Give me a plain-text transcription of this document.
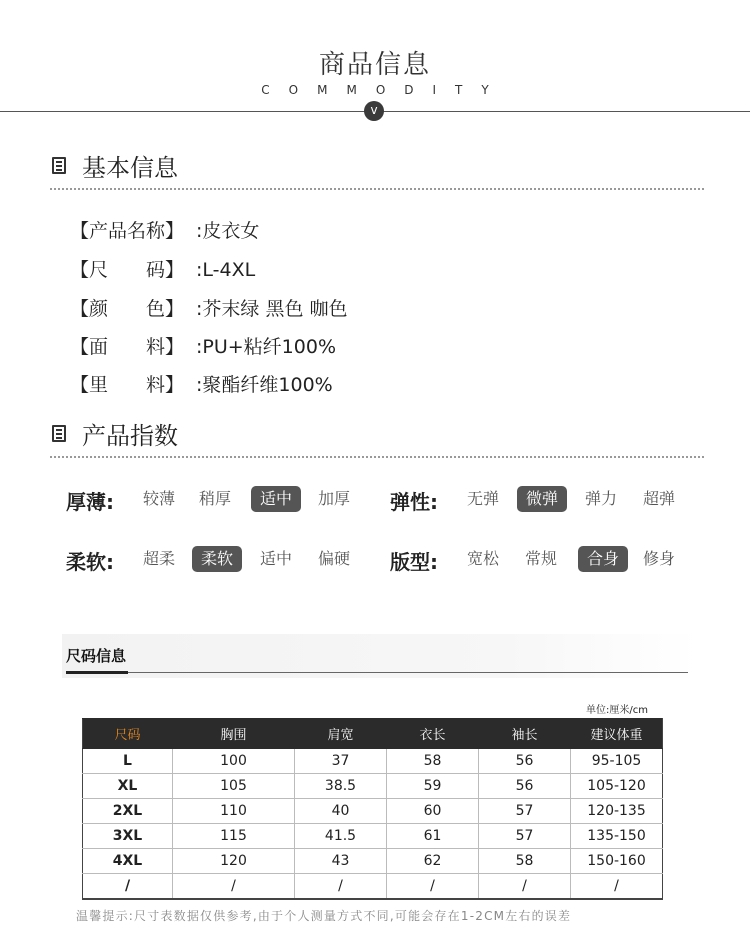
商品信息
COMMODITY
v
基本信息
【产品名称】 :皮衣女
【尺　　码】 :L-4XL
【颜　　色】 :芥末绿 黑色 咖色
【面　　料】 :PU+粘纤100%
【里　　料】 :聚酯纤维100%
产品指数
厚薄:	较薄	稍厚	适中	加厚 弹性:	无弹	微弹	弹力	超弹
柔软:	超柔	柔软	适中	偏硬 版型:	宽松	常规	合身	修身
尺码信息
单位:厘米/cm
尺码	胸围	肩宽	衣长	袖长	建议体重
L	100	37	58	56	95-105
XL	105	38.5	59	56	105-120
2XL	110	40	60	57	120-135
3XL	115	41.5	61	57	135-150
4XL	120	43	62	58	150-160
/	/	/	/	/	/
温馨提示:尺寸表数据仅供参考,由于个人测量方式不同,可能会存在1-2CM左右的误差
